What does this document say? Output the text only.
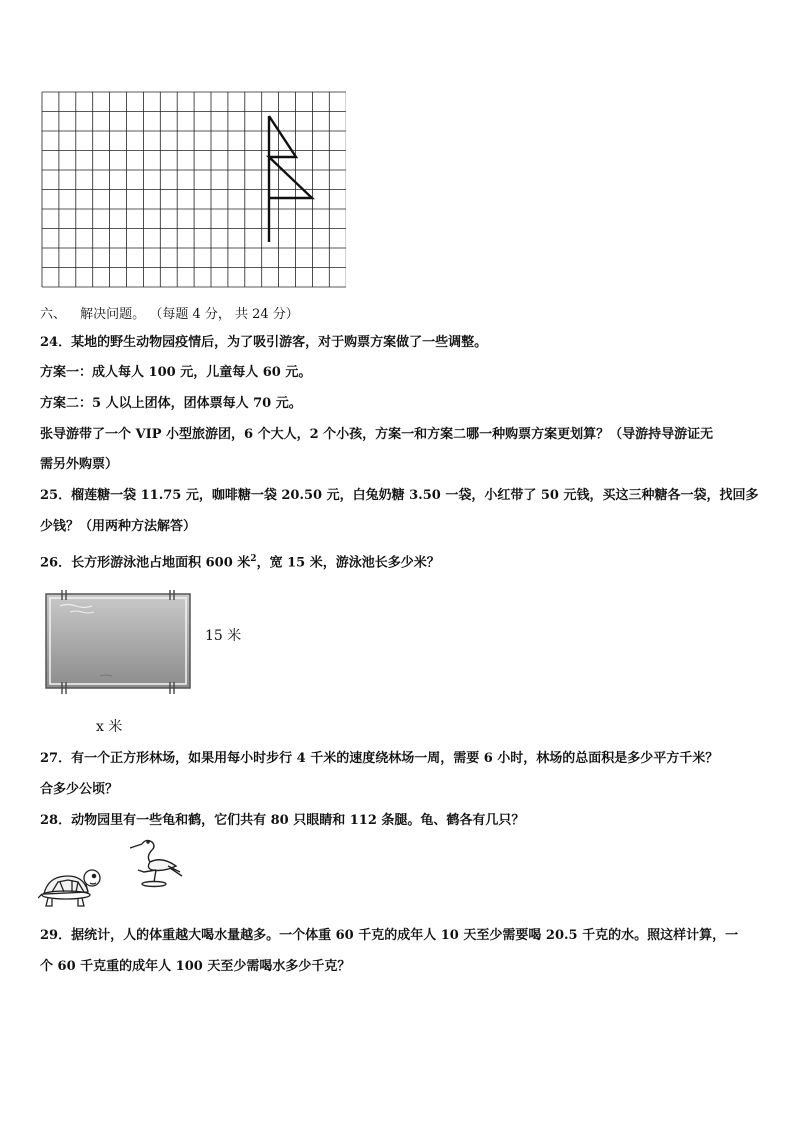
六、 解决问题。 （每题 4 分， 共 24 分）
24．某地的野生动物园疫情后，为了吸引游客，对于购票方案做了一些调整。
方案一：成人每人 100 元，儿童每人 60 元。
方案二：5 人以上团体，团体票每人 70 元。
张导游带了一个 VIP 小型旅游团，6 个大人，2 个小孩，方案一和方案二哪一种购票方案更划算？（导游持导游证无
需另外购票）
25．榴莲糖一袋 11.75 元，咖啡糖一袋 20.50 元，白兔奶糖 3.50 一袋，小红带了 50 元钱，买这三种糖各一袋，找回多
少钱？（用两种方法解答）
26．长方形游泳池占地面积 600 米$^2$，宽 15 米，游泳池长多少米？
15 米
x 米
27．有一个正方形林场，如果用每小时步行 4 千米的速度绕林场一周，需要 6 小时，林场的总面积是多少平方千米？
合多少公顷？
28．动物园里有一些龟和鹤，它们共有 80 只眼睛和 112 条腿。龟、鹤各有几只？
29．据统计，人的体重越大喝水量越多。一个体重 60 千克的成年人 10 天至少需要喝 20.5 千克的水。照这样计算，一
个 60 千克重的成年人 100 天至少需喝水多少千克？
